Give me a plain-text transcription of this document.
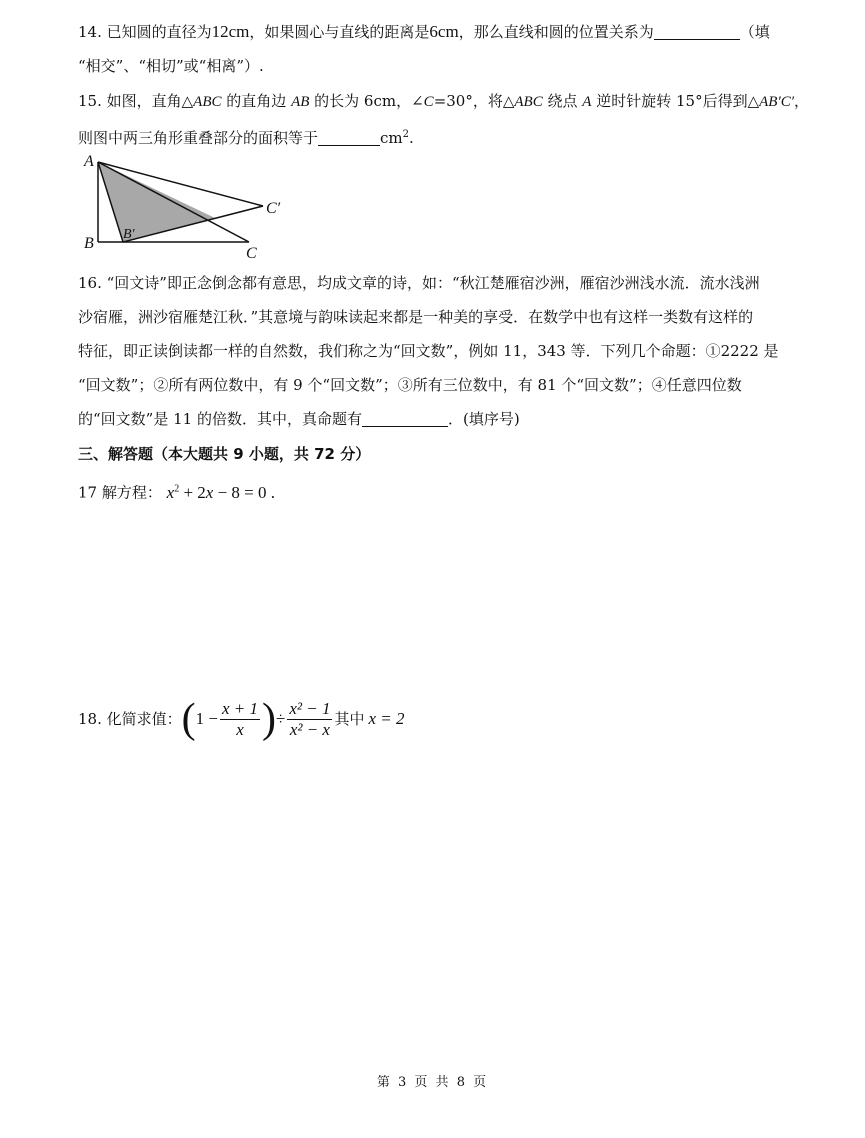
14. 已知圆的直径为12cm，如果圆心与直线的距离是6cm，那么直线和圆的位置关系为	（填
“相交”、“相切”或“相离”）.
15. 如图，直角△ABC 的直角边 AB 的长为 6cm，∠C=30°，将△ABC 绕点 A 逆时针旋转 15°后得到△AB′C′，
则图中两三角形重叠部分的面积等于	$cm^2$.
A
B
C
C′
B′
16. “回文诗”即正念倒念都有意思，均成文章的诗，如：“秋江楚雁宿沙洲，雁宿沙洲浅水流．流水浅洲
沙宿雁，洲沙宿雁楚江秋．”其意境与韵味读起来都是一种美的享受．在数学中也有这样一类数有这样的
特征，即正读倒读都一样的自然数，我们称之为“回文数”，例如 11，343 等．下列几个命题：①2222 是
“回文数”；②所有两位数中，有 9 个“回文数”；③所有三位数中，有 81 个“回文数”；④任意四位数
的“回文数”是 11 的倍数．其中，真命题有	．(填序号)
三、解答题（本大题共 9 小题，共 72 分）
17 解方程： $x^2 + 2x - 8 = 0$ .
18. 化简求值：($1 - \frac{x + 1}{x}$ )÷ $\frac{\text{x² − 1}}{\text{x² − x}}$ 其中 x = 2
第 3 页 共 8 页
